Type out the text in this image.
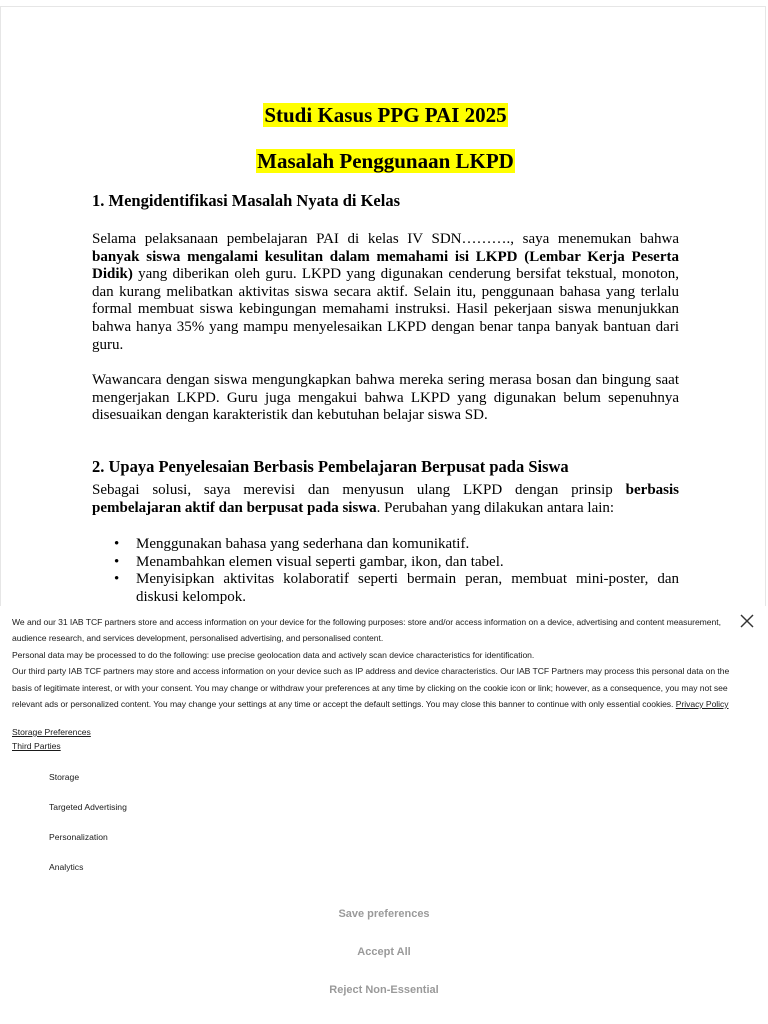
Studi Kasus PPG PAI 2025
Masalah Penggunaan LKPD
1. Mengidentifikasi Masalah Nyata di Kelas
Selama pelaksanaan pembelajaran PAI di kelas IV SDN………., saya menemukan bahwa banyak siswa mengalami kesulitan dalam memahami isi LKPD (Lembar Kerja Peserta Didik) yang diberikan oleh guru. LKPD yang digunakan cenderung bersifat tekstual, monoton, dan kurang melibatkan aktivitas siswa secara aktif. Selain itu, penggunaan bahasa yang terlalu formal membuat siswa kebingungan memahami instruksi. Hasil pekerjaan siswa menunjukkan bahwa hanya 35% yang mampu menyelesaikan LKPD dengan benar tanpa banyak bantuan dari guru.
Wawancara dengan siswa mengungkapkan bahwa mereka sering merasa bosan dan bingung saat mengerjakan LKPD. Guru juga mengakui bahwa LKPD yang digunakan belum sepenuhnya disesuaikan dengan karakteristik dan kebutuhan belajar siswa SD.
2. Upaya Penyelesaian Berbasis Pembelajaran Berpusat pada Siswa
Sebagai solusi, saya merevisi dan menyusun ulang LKPD dengan prinsip berbasis pembelajaran aktif dan berpusat pada siswa. Perubahan yang dilakukan antara lain:
•	Menggunakan bahasa yang sederhana dan komunikatif.
•	Menambahkan elemen visual seperti gambar, ikon, dan tabel.
•	Menyisipkan aktivitas kolaboratif seperti bermain peran, membuat mini-poster, dan diskusi kelompok.

We and our 31 IAB TCF partners store and access information on your device for the following purposes: store and/or access information on a device, advertising and content measurement, audience research, and services development, personalised advertising, and personalised content.

Personal data may be processed to do the following: use precise geolocation data and actively scan device characteristics for identification.

Our third party IAB TCF partners may store and access information on your device such as IP address and device characteristics. Our IAB TCF Partners may process this personal data on the basis of legitimate interest, or with your consent. You may change or withdraw your preferences at any time by clicking on the cookie icon or link; however, as a consequence, you may not see relevant ads or personalized content. You may change your settings at any time or accept the default settings. You may close this banner to continue with only essential cookies. Privacy Policy

Storage Preferences
Third Parties
Storage
Targeted Advertising
Personalization
Analytics
Save preferences
Accept All
Reject Non-Essential
